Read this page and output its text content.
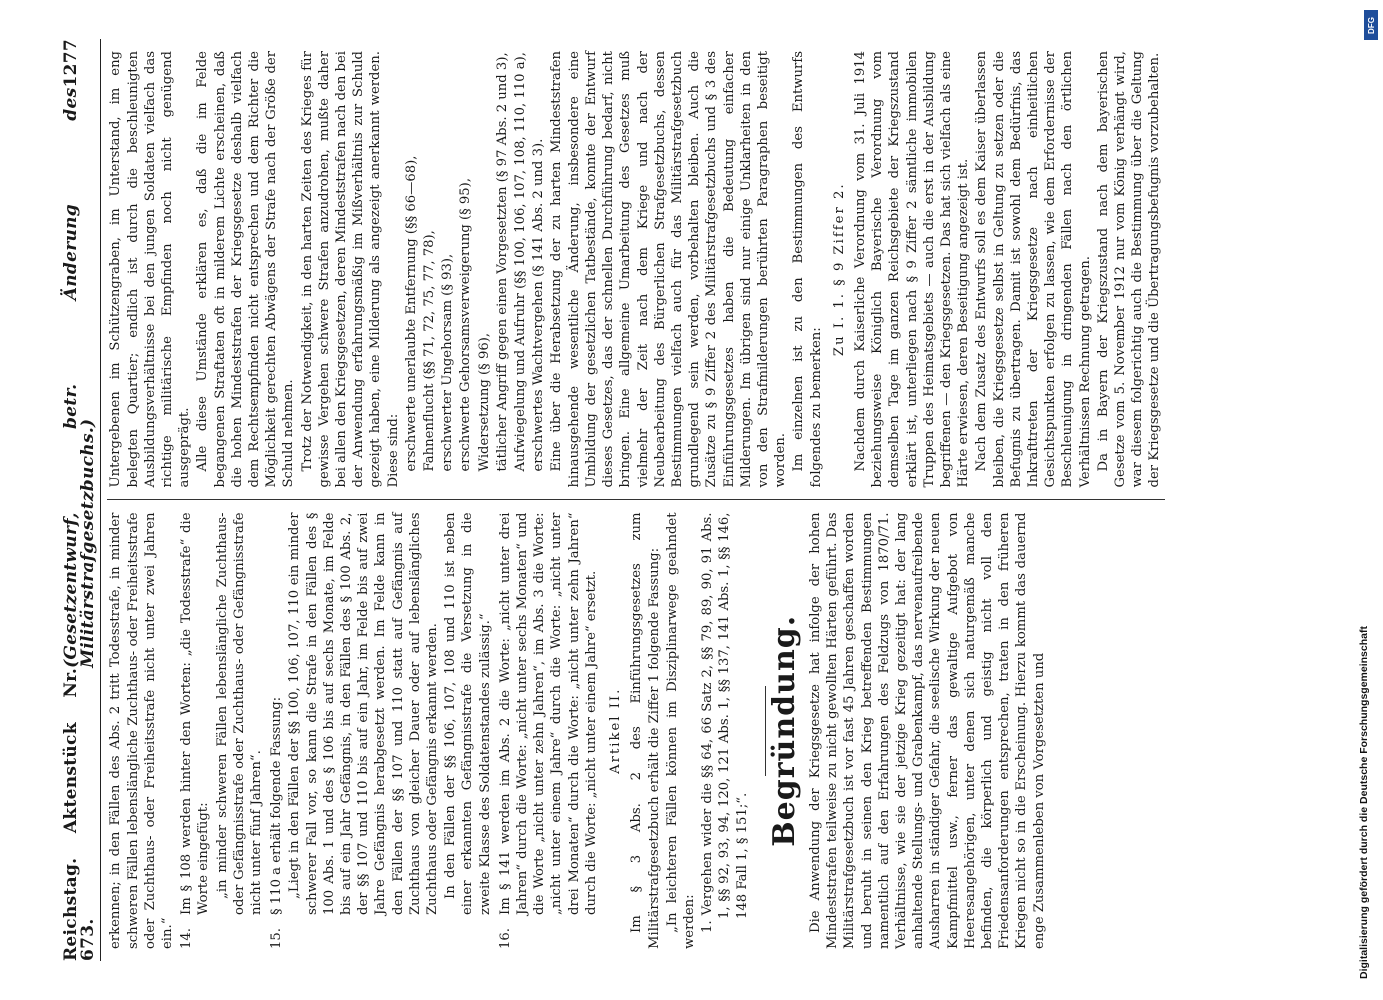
Reichstag. Aktenstück Nr. 673.
(Gesetzentwurf, betr. Änderung des Militärstrafgesetzbuchs.)
1277

erkennen; in den Fällen des Abs. 2 tritt Todesstrafe, in minder schweren Fällen lebenslängliche Zuchthaus- oder Freiheitsstrafe oder Zuchthaus- oder Freiheitsstrafe nicht unter zwei Jahren ein.“ 14.

Im § 108 werden hinter den Worten: „die Todesstrafe“ die Worte eingefügt: „in minder schweren Fällen lebenslängliche Zuchthaus- oder Gefängnisstrafe oder Zuchthaus- oder Gefängnisstrafe nicht unter fünf Jahren“.

15.

§ 110 a erhält folgende Fassung: „Liegt in den Fällen der §§ 100, 106, 107, 110 ein minder schwerer Fall vor, so kann die Strafe in den Fällen des § 100 Abs. 1 und des § 106 bis auf sechs Monate, im Felde bis auf ein Jahr Gefängnis, in den Fällen des § 100 Abs. 2, der §§ 107 und 110 bis auf ein Jahr, im Felde bis auf zwei Jahre Gefängnis herabgesetzt werden. Im Felde kann in den Fällen der §§ 107 und 110 statt auf Gefängnis auf Zuchthaus von gleicher Dauer oder auf lebenslängliches Zuchthaus oder Gefängnis erkannt werden. In den Fällen der §§ 106, 107, 108 und 110 ist neben einer erkannten Gefängnisstrafe die Versetzung in die zweite Klasse des Soldatenstandes zulässig.“

16.

Im § 141 werden im Abs. 2 die Worte: „nicht unter drei Jahren“ durch die Worte: „nicht unter sechs Monaten“ und die Worte „nicht unter zehn Jahren“, im Abs. 3 die Worte: „nicht unter einem Jahre“ durch die Worte: „nicht unter drei Monaten“ durch die Worte: „nicht unter zehn Jahren“ durch die Worte: „nicht unter einem Jahre“ ersetzt. Artikel II. Im § 3 Abs. 2 des Einführungsgesetzes zum Militärstrafgesetzbuch erhält die Ziffer 1 folgende Fassung: „In leichteren Fällen können im Disziplinarwege geahndet werden: 1. Vergehen wider die §§ 64, 66 Satz 2, §§ 79, 89, 90, 91 Abs. 1, §§ 92, 93, 94, 120, 121 Abs. 1, §§ 137, 141 Abs. 1, §§ 146, 148 Fall 1, § 151;“.

Begründung. Die Anwendung der Kriegsgesetze hat infolge der hohen Mindeststrafen teilweise zu nicht gewollten Härten geführt. Das Militärstrafgesetzbuch ist vor fast 45 Jahren geschaffen worden und beruht in seinen den Krieg betreffenden Bestimmungen namentlich auf den Erfahrungen des Feldzugs von 1870/71. Verhältnisse, wie sie der jetzige Krieg gezeitigt hat: der lang anhaltende Stellungs- und Grabenkampf, das nervenaufreibende Ausharren in ständiger Gefahr, die seelische Wirkung der neuen Kampfmittel usw., ferner das gewaltige Aufgebot von Heeresangehörigen, unter denen sich naturgemäß manche befinden, die körperlich und geistig nicht voll den Friedensanforderungen entsprechen, traten in den früheren Kriegen nicht so in die Erscheinung. Hierzu kommt das dauernd enge Zusammenleben von Vorgesetzten und

Untergebenen im Schützengraben, im Unterstand, im eng belegten Quartier; endlich ist durch die beschleunigten Ausbildungsverhältnisse bei den jungen Soldaten vielfach das richtige militärische Empfinden noch nicht genügend ausgeprägt. Alle diese Umstände erklären es, daß die im Felde begangenen Straftaten oft in milderem Lichte erscheinen, daß die hohen Mindeststrafen der Kriegsgesetze deshalb vielfach dem Rechtsempfinden nicht entsprechen und dem Richter die Möglichkeit gerechten Abwägens der Strafe nach der Größe der Schuld nehmen. Trotz der Notwendigkeit, in den harten Zeiten des Krieges für gewisse Vergehen schwere Strafen anzudrohen, mußte daher bei allen den Kriegsgesetzen, deren Mindeststrafen nach den bei der Anwendung erfahrungsmäßig im Mißverhältnis zur Schuld gezeigt haben, eine Milderung als angezeigt anerkannt werden. Diese sind: erschwerte unerlaubte Entfernung (§§ 66—68), Fahnenflucht (§§ 71, 72, 75, 77, 78), erschwerter Ungehorsam (§ 93), erschwerte Gehorsamsverweigerung (§ 95), Widersetzung (§ 96), tätlicher Angriff gegen einen Vorgesetzten (§ 97 Abs. 2 und 3), Aufwiegelung und Aufruhr (§§ 100, 106, 107, 108, 110, 110 a), erschwertes Wachtvergehen (§ 141 Abs. 2 und 3). Eine über die Herabsetzung der zu harten Mindeststrafen hinausgehende wesentliche Änderung, insbesondere eine Umbildung der gesetzlichen Tatbestände, konnte der Entwurf dieses Gesetzes, das der schnellen Durchführung bedarf, nicht bringen. Eine allgemeine Umarbeitung des Gesetzes muß vielmehr der Zeit nach dem Kriege und nach der Neubearbeitung des Bürgerlichen Strafgesetzbuchs, dessen Bestimmungen vielfach auch für das Militärstrafgesetzbuch grundlegend sein werden, vorbehalten bleiben. Auch die Zusätze zu § 9 Ziffer 2 des Militärstrafgesetzbuchs und § 3 des Einführungsgesetzes haben die Bedeutung einfacher Milderungen. Im übrigen sind nur einige Unklarheiten in den von den Strafmilderungen berührten Paragraphen beseitigt worden. Im einzelnen ist zu den Bestimmungen des Entwurfs folgendes zu bemerken:

Zu I. 1. § 9 Ziffer 2. Nachdem durch Kaiserliche Verordnung vom 31. Juli 1914 beziehungsweise Königlich Bayerische Verordnung vom demselben Tage im ganzen Reichsgebiete der Kriegszustand erklärt ist, unterliegen nach § 9 Ziffer 2 sämtliche immobilen Truppen des Heimatsgebiets — auch die erst in der Ausbildung begriffenen — den Kriegsgesetzen. Das hat sich vielfach als eine Härte erwiesen, deren Beseitigung angezeigt ist. Nach dem Zusatz des Entwurfs soll es dem Kaiser überlassen bleiben, die Kriegsgesetze selbst in Geltung zu setzen oder die Befugnis zu übertragen. Damit ist sowohl dem Bedürfnis, das Inkrafttreten der Kriegsgesetze nach einheitlichen Gesichtspunkten erfolgen zu lassen, wie dem Erfordernisse der Beschleunigung in dringenden Fällen nach den örtlichen Verhältnissen Rechnung getragen. Da in Bayern der Kriegszustand nach dem bayerischen Gesetze vom 5. November 1912 nur vom König verhängt wird, war diesem folgerichtig auch die Bestimmung über die Geltung der Kriegsgesetze und die Übertragungsbefugnis vorzubehalten.

DFG
Digitalisierung gefördert durch die Deutsche Forschungsgemeinschaft
